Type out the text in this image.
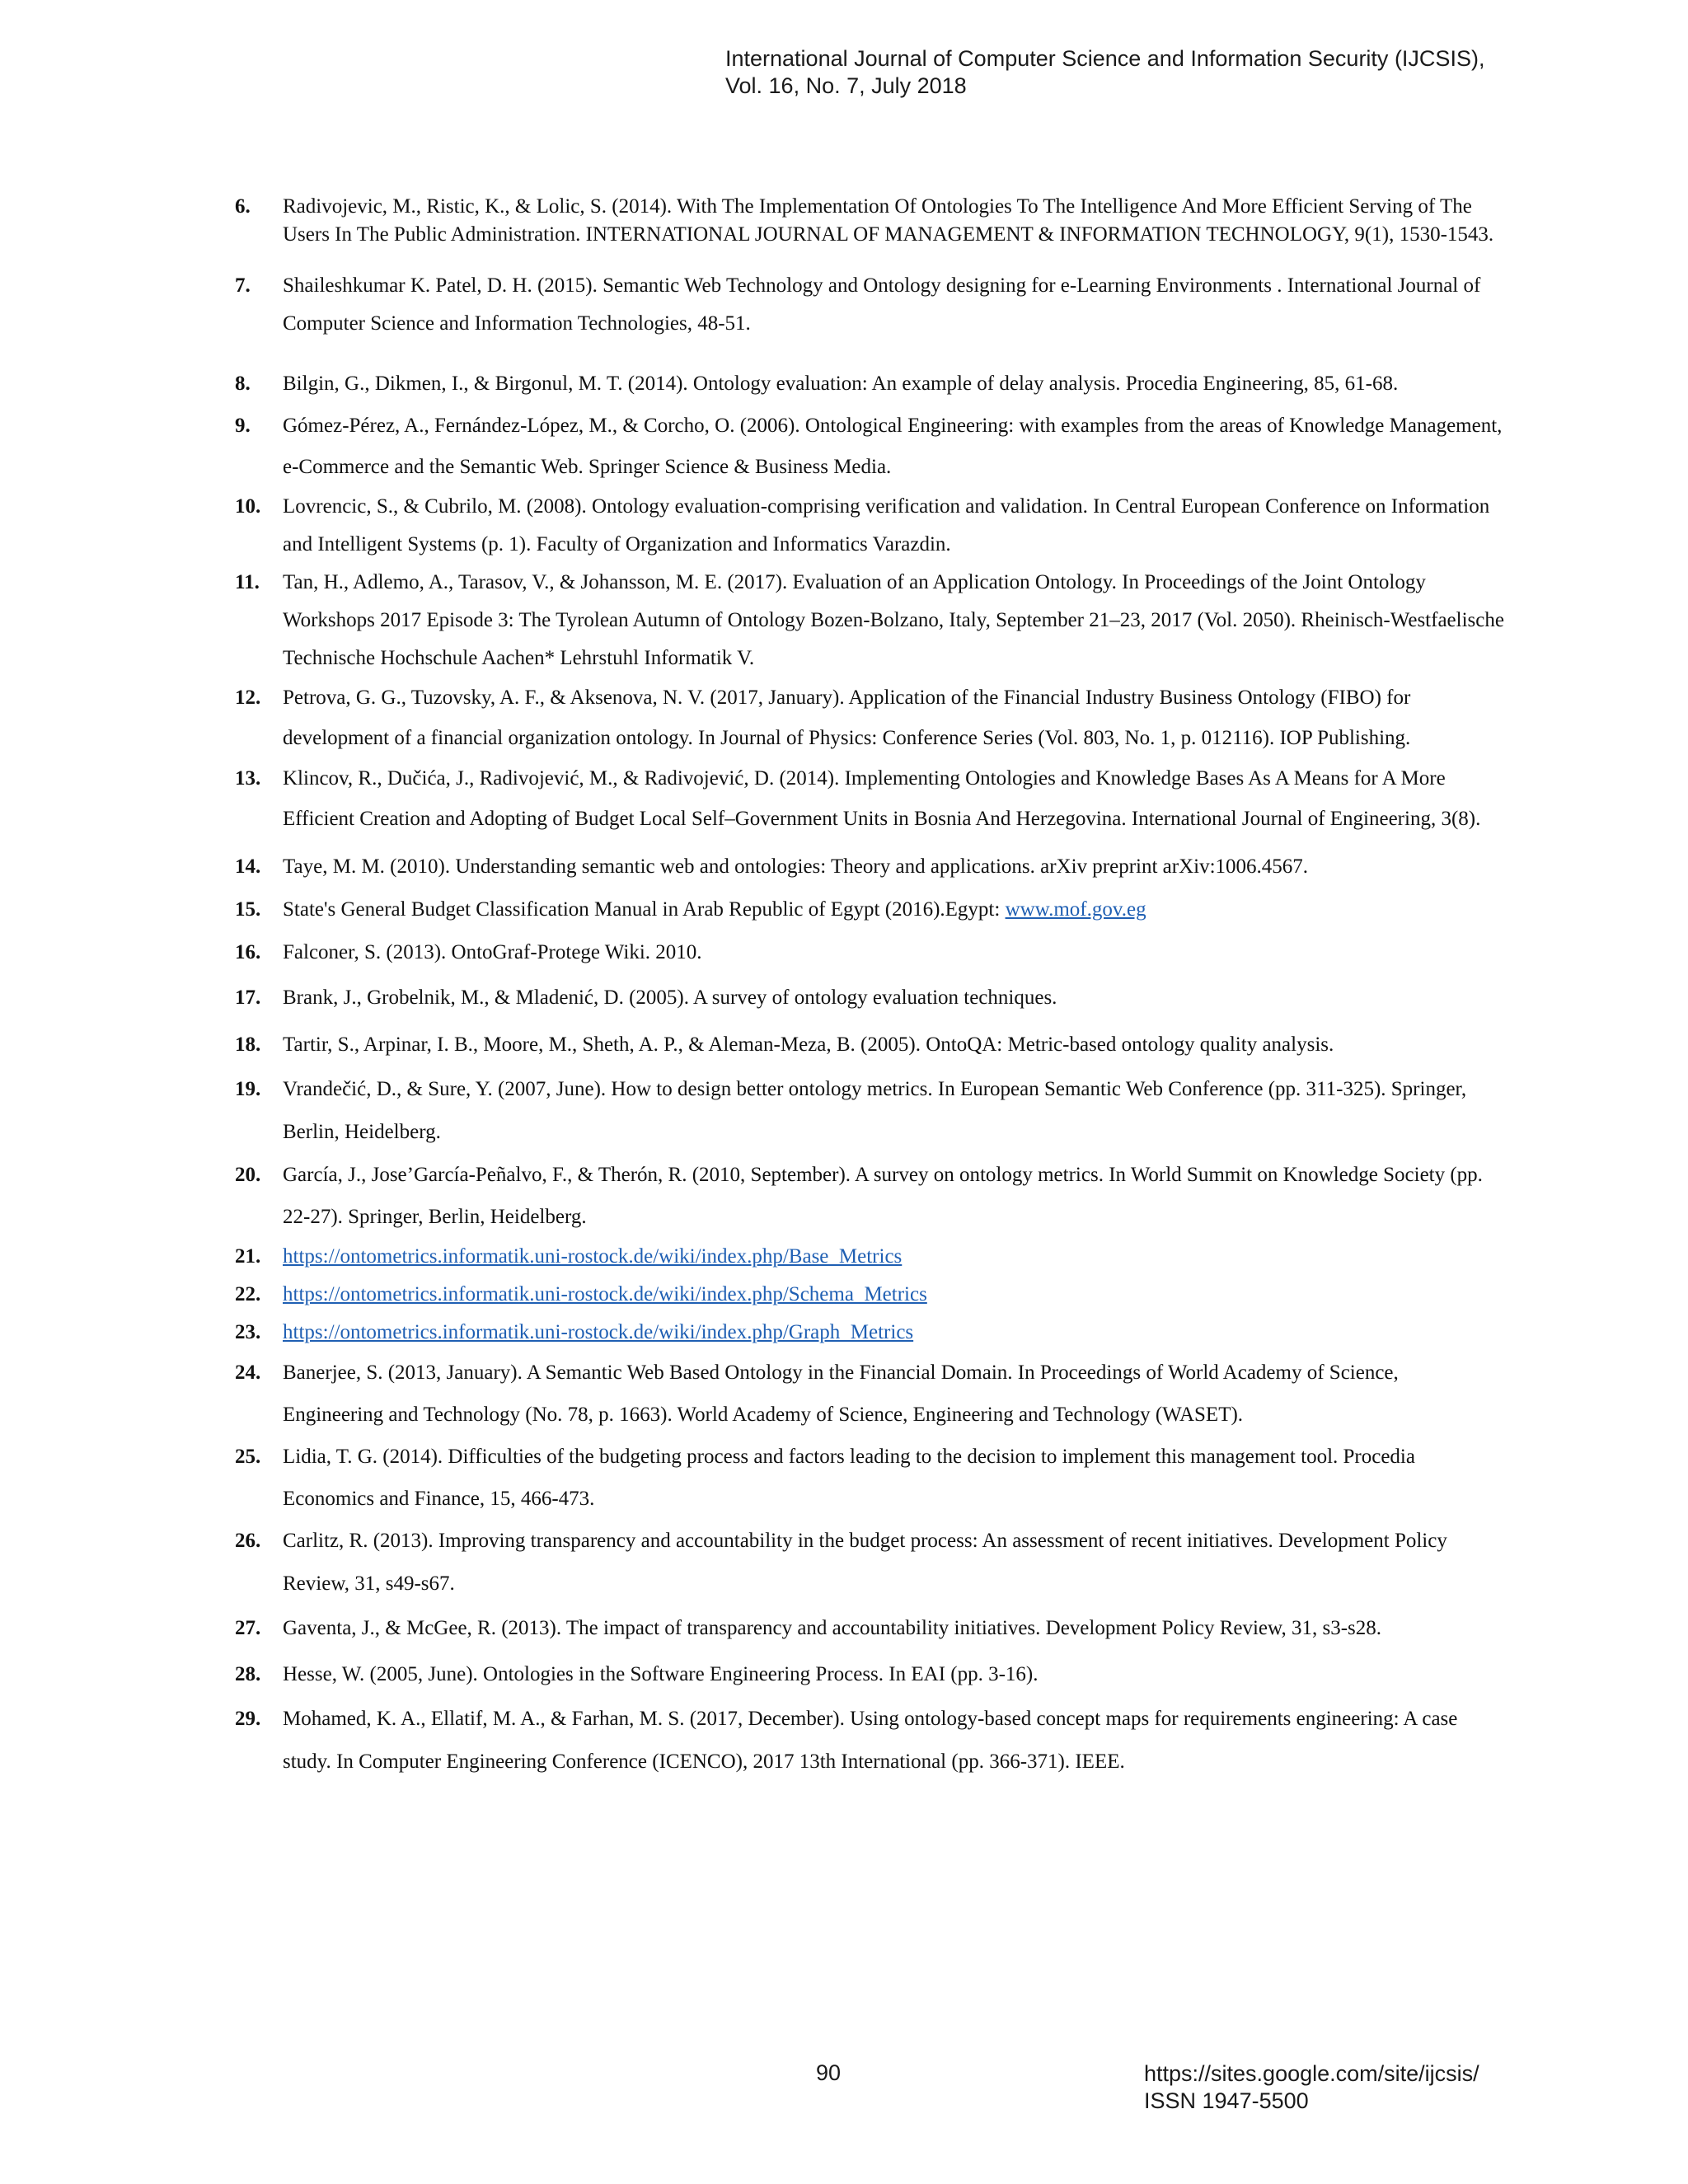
International Journal of Computer Science and Information Security (IJCSIS),
Vol. 16, No. 7, July 2018
6. Radivojevic, M., Ristic, K., & Lolic, S. (2014). With The Implementation Of Ontologies To The Intelligence And More Efficient Serving of The Users In The Public Administration. INTERNATIONAL JOURNAL OF MANAGEMENT & INFORMATION TECHNOLOGY, 9(1), 1530-1543.
7. Shaileshkumar K. Patel, D. H. (2015). Semantic Web Technology and Ontology designing for e-Learning Environments . International Journal of Computer Science and Information Technologies, 48-51.
8. Bilgin, G., Dikmen, I., & Birgonul, M. T. (2014). Ontology evaluation: An example of delay analysis. Procedia Engineering, 85, 61-68.
9. Gómez-Pérez, A., Fernández-López, M., & Corcho, O. (2006). Ontological Engineering: with examples from the areas of Knowledge Management, e-Commerce and the Semantic Web. Springer Science & Business Media.
10. Lovrencic, S., & Cubrilo, M. (2008). Ontology evaluation-comprising verification and validation. In Central European Conference on Information and Intelligent Systems (p. 1). Faculty of Organization and Informatics Varazdin.
11. Tan, H., Adlemo, A., Tarasov, V., & Johansson, M. E. (2017). Evaluation of an Application Ontology. In Proceedings of the Joint Ontology Workshops 2017 Episode 3: The Tyrolean Autumn of Ontology Bozen-Bolzano, Italy, September 21–23, 2017 (Vol. 2050). Rheinisch-Westfaelische Technische Hochschule Aachen* Lehrstuhl Informatik V.
12. Petrova, G. G., Tuzovsky, A. F., & Aksenova, N. V. (2017, January). Application of the Financial Industry Business Ontology (FIBO) for development of a financial organization ontology. In Journal of Physics: Conference Series (Vol. 803, No. 1, p. 012116). IOP Publishing.
13. Klincov, R., Dučića, J., Radivojević, M., & Radivojević, D. (2014). Implementing Ontologies and Knowledge Bases As A Means for A More Efficient Creation and Adopting of Budget Local Self–Government Units in Bosnia And Herzegovina. International Journal of Engineering, 3(8).
14. Taye, M. M. (2010). Understanding semantic web and ontologies: Theory and applications. arXiv preprint arXiv:1006.4567.
15. State's General Budget Classification Manual in Arab Republic of Egypt (2016).Egypt: www.mof.gov.eg
16. Falconer, S. (2013). OntoGraf-Protege Wiki. 2010.
17. Brank, J., Grobelnik, M., & Mladenić, D. (2005). A survey of ontology evaluation techniques.
18. Tartir, S., Arpinar, I. B., Moore, M., Sheth, A. P., & Aleman-Meza, B. (2005). OntoQA: Metric-based ontology quality analysis.
19. Vrandečić, D., & Sure, Y. (2007, June). How to design better ontology metrics. In European Semantic Web Conference (pp. 311-325). Springer, Berlin, Heidelberg.
20. García, J., Jose’García-Peñalvo, F., & Therón, R. (2010, September). A survey on ontology metrics. In World Summit on Knowledge Society (pp. 22-27). Springer, Berlin, Heidelberg.
21. https://ontometrics.informatik.uni-rostock.de/wiki/index.php/Base_Metrics
22. https://ontometrics.informatik.uni-rostock.de/wiki/index.php/Schema_Metrics
23. https://ontometrics.informatik.uni-rostock.de/wiki/index.php/Graph_Metrics
24. Banerjee, S. (2013, January). A Semantic Web Based Ontology in the Financial Domain. In Proceedings of World Academy of Science, Engineering and Technology (No. 78, p. 1663). World Academy of Science, Engineering and Technology (WASET).
25. Lidia, T. G. (2014). Difficulties of the budgeting process and factors leading to the decision to implement this management tool. Procedia Economics and Finance, 15, 466-473.
26. Carlitz, R. (2013). Improving transparency and accountability in the budget process: An assessment of recent initiatives. Development Policy Review, 31, s49-s67.
27. Gaventa, J., & McGee, R. (2013). The impact of transparency and accountability initiatives. Development Policy Review, 31, s3-s28.
28. Hesse, W. (2005, June). Ontologies in the Software Engineering Process. In EAI (pp. 3-16).
29. Mohamed, K. A., Ellatif, M. A., & Farhan, M. S. (2017, December). Using ontology-based concept maps for requirements engineering: A case study. In Computer Engineering Conference (ICENCO), 2017 13th International (pp. 366-371). IEEE.
90	https://sites.google.com/site/ijcsis/
ISSN 1947-5500
